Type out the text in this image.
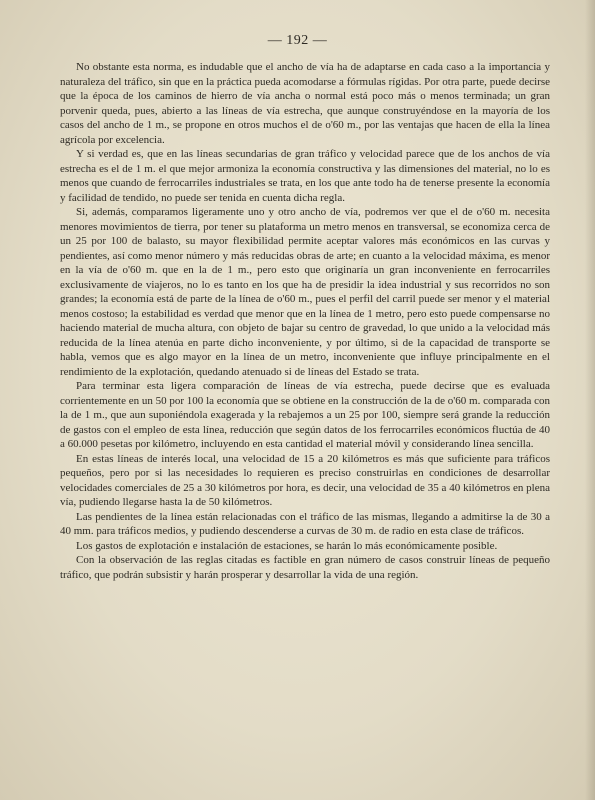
— 192 —

No obstante esta norma, es indudable que el ancho de vía ha de adaptarse en cada caso a la importancia y naturaleza del tráfico, sin que en la práctica pueda acomodarse a fórmulas rígidas. Por otra parte, puede decirse que la época de los caminos de hierro de vía ancha o normal está poco más o menos terminada; un gran porvenir queda, pues, abierto a las líneas de vía estrecha, que aunque construyéndose en la mayoría de los casos del ancho de 1 m., se propone en otros muchos el de o'60 m., por las ventajas que hacen de ella la línea agrícola por excelencia.

Y si verdad es, que en las líneas secundarias de gran tráfico y velocidad parece que de los anchos de vía estrecha es el de 1 m. el que mejor armoniza la economía constructiva y las dimensiones del material, no lo es menos que cuando de ferrocarriles industriales se trata, en los que ante todo ha de tenerse presente la economía y facilidad de tendido, no puede ser tenida en cuenta dicha regla.

Si, además, comparamos ligeramente uno y otro ancho de vía, podremos ver que el de o'60 m. necesita menores movimientos de tierra, por tener su plataforma un metro menos en transversal, se economiza cerca de un 25 por 100 de balasto, su mayor flexibilidad permite aceptar valores más económicos en las curvas y pendientes, así como menor número y más reducidas obras de arte; en cuanto a la velocidad máxima, es menor en la vía de o'60 m. que en la de 1 m., pero esto que originaría un gran inconveniente en ferrocarriles exclusivamente de viajeros, no lo es tanto en los que ha de presidir la idea industrial y sus recorridos no son grandes; la economía está de parte de la línea de o'60 m., pues el perfil del carril puede ser menor y el material menos costoso; la estabilidad es verdad que menor que en la línea de 1 metro, pero esto puede compensarse no haciendo material de mucha altura, con objeto de bajar su centro de gravedad, lo que unido a la velocidad más reducida de la línea atenúa en parte dicho inconveniente, y por último, si de la capacidad de transporte se habla, vemos que es algo mayor en la línea de un metro, inconveniente que influye principalmente en el rendimiento de la explotación, quedando atenuado si de líneas del Estado se trata.

Para terminar esta ligera comparación de líneas de vía estrecha, puede decirse que es evaluada corrientemente en un 50 por 100 la economía que se obtiene en la construcción de la de o'60 m. comparada con la de 1 m., que aun suponiéndola exagerada y la rebajemos a un 25 por 100, siempre será grande la reducción de gastos con el empleo de esta línea, reducción que según datos de los ferrocarriles económicos fluctúa de 40 a 60.000 pesetas por kilómetro, incluyendo en esta cantidad el material móvil y considerando línea sencilla.

En estas líneas de interés local, una velocidad de 15 a 20 kilómetros es más que suficiente para tráficos pequeños, pero por si las necesidades lo requieren es preciso construirlas en condiciones de desarrollar velocidades comerciales de 25 a 30 kilómetros por hora, es decir, una velocidad de 35 a 40 kilómetros en plena vía, pudiendo llegarse hasta la de 50 kilómetros.

Las pendientes de la línea están relacionadas con el tráfico de las mismas, llegando a admitirse la de 30 a 40 mm. para tráficos medios, y pudiendo descenderse a curvas de 30 m. de radio en esta clase de tráficos.

Los gastos de explotación e instalación de estaciones, se harán lo más económicamente posible.

Con la observación de las reglas citadas es factible en gran número de casos construir líneas de pequeño tráfico, que podrán subsistir y harán prosperar y desarrollar la vida de una región.
